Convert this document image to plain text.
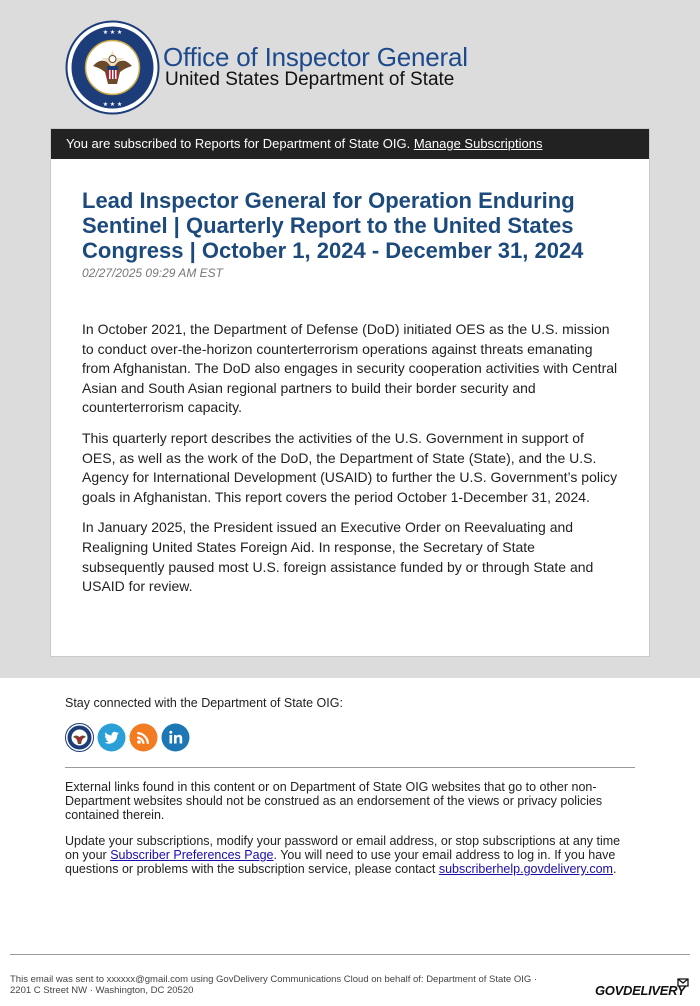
★ ★ ★
★ ★ ★
Office of Inspector General
United States Department of State
You are subscribed to Reports for Department of State OIG. Manage Subscriptions
Lead Inspector General for Operation Enduring Sentinel | Quarterly Report to the United States Congress | October 1, 2024 - December 31, 2024
02/27/2025 09:29 AM EST

In October 2021, the Department of Defense (DoD) initiated OES as the U.S. mission to conduct over-the-horizon counterterrorism operations against threats emanating from Afghanistan. The DoD also engages in security cooperation activities with Central Asian and South Asian regional partners to build their border security and counterterrorism capacity.

This quarterly report describes the activities of the U.S. Government in support of OES, as well as the work of the DoD, the Department of State (State), and the U.S. Agency for International Development (USAID) to further the U.S. Government’s policy goals in Afghanistan. This report covers the period October 1-December 31, 2024.

In January 2025, the President issued an Executive Order on Reevaluating and Realigning United States Foreign Aid. In response, the Secretary of State subsequently paused most U.S. foreign assistance funded by or through State and USAID for review.

Stay connected with the Department of State OIG:

External links found in this content or on Department of State OIG websites that go to other non-Department websites should not be construed as an endorsement of the views or privacy policies contained therein.

Update your subscriptions, modify your password or email address, or stop subscriptions at any time on your Subscriber Preferences Page. You will need to use your email address to log in. If you have questions or problems with the subscription service, please contact subscriberhelp.govdelivery.com.

This email was sent to xxxxxx@gmail.com using GovDelivery Communications Cloud on behalf of: Department of State OIG ·
2201 C Street NW · Washington, DC 20520	GOVDELIVERY
